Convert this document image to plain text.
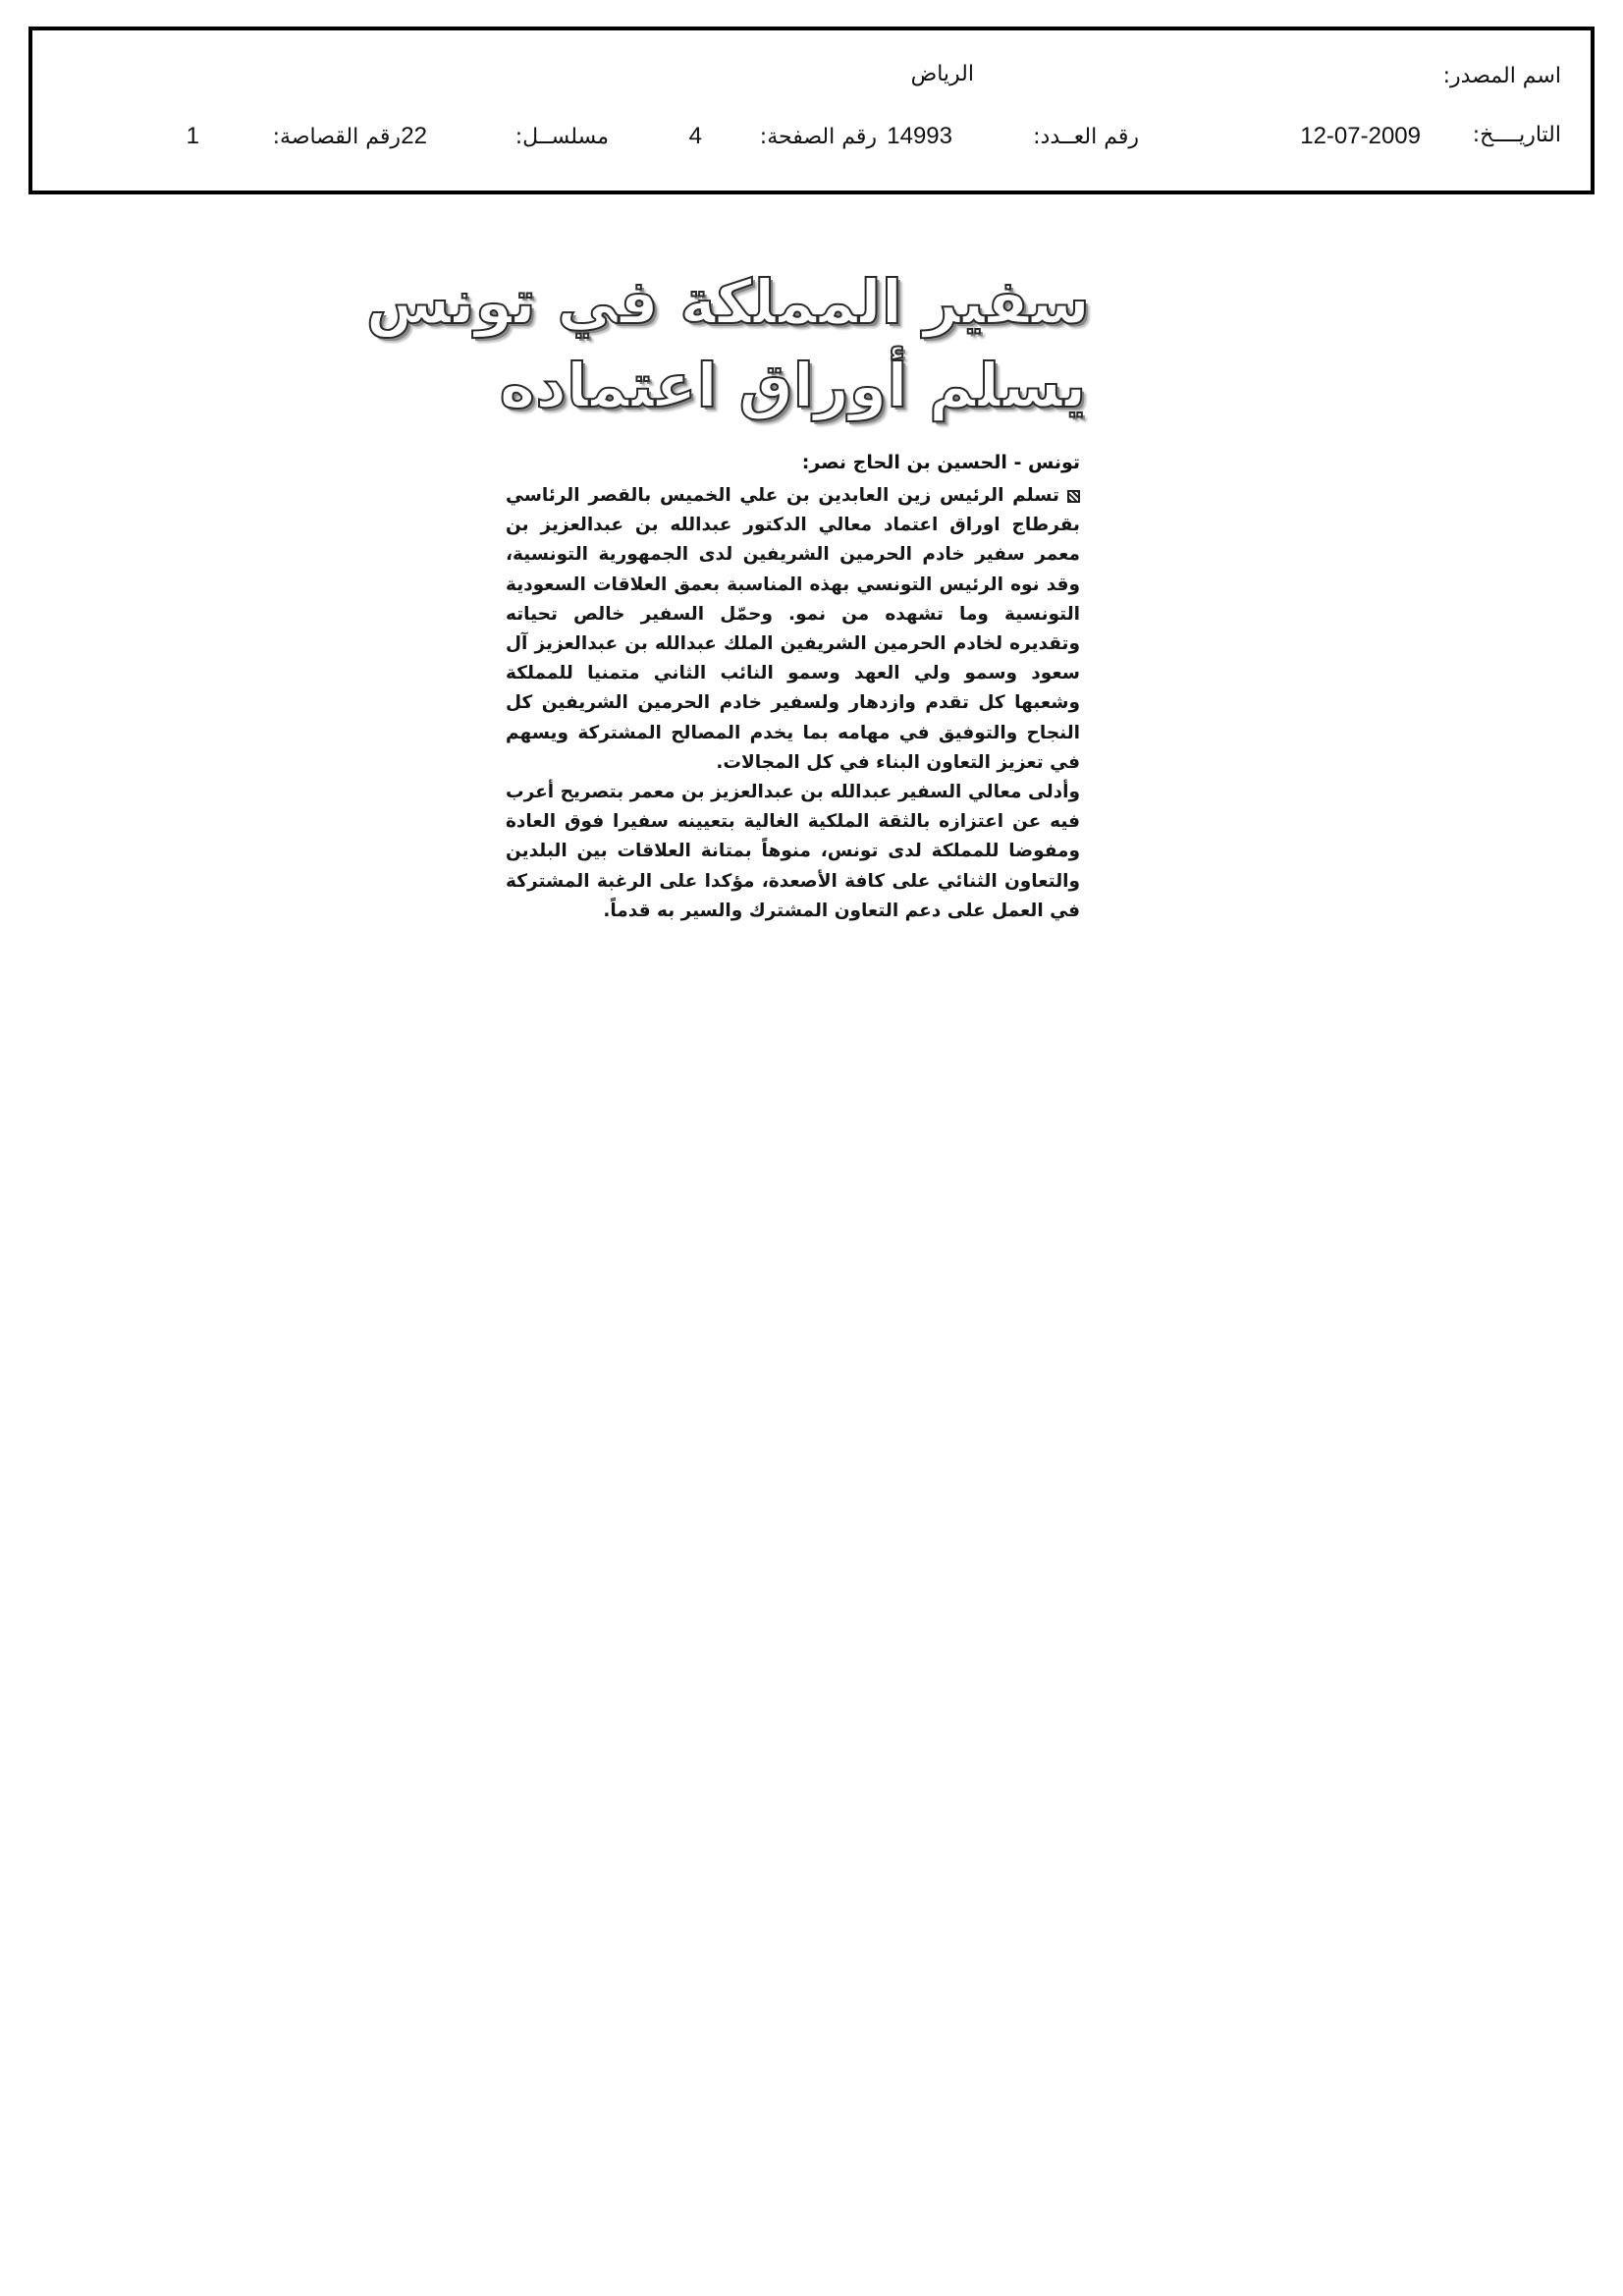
اسم المصدر:
الرياض
التاريــــخ:
12-07-2009
رقم العــدد:
14993
رقم الصفحة:
4
مسلســل:
22
رقم القصاصة:
1
سفير المملكة في تونس
يسلم أوراق اعتماده
تونس - الحسين بن الحاج نصر:

تسلم الرئيس زين العابدين بن علي الخميس بالقصر الرئاسي بقرطاج اوراق اعتماد معالي الدكتور عبدالله بن عبدالعزيز بن معمر سفير خادم الحرمين الشريفين لدى الجمهورية التونسية، وقد نوه الرئيس التونسي بهذه المناسبة بعمق العلاقات السعودية التونسية وما تشهده من نمو. وحمّل السفير خالص تحياته وتقديره لخادم الحرمين الشريفين الملك عبدالله بن عبدالعزيز آل سعود وسمو ولي العهد وسمو النائب الثاني متمنيا للمملكة وشعبها كل تقدم وازدهار ولسفير خادم الحرمين الشريفين كل النجاح والتوفيق في مهامه بما يخدم المصالح المشتركة ويسهم في تعزيز التعاون البناء في كل المجالات.

وأدلى معالي السفير عبدالله بن عبدالعزيز بن معمر بتصريح أعرب فيه عن اعتزازه بالثقة الملكية الغالية بتعيينه سفيرا فوق العادة ومفوضا للمملكة لدى تونس، منوهاً بمتانة العلاقات بين البلدين والتعاون الثنائي على كافة الأصعدة، مؤكدا على الرغبة المشتركة في العمل على دعم التعاون المشترك والسير به قدماً.
